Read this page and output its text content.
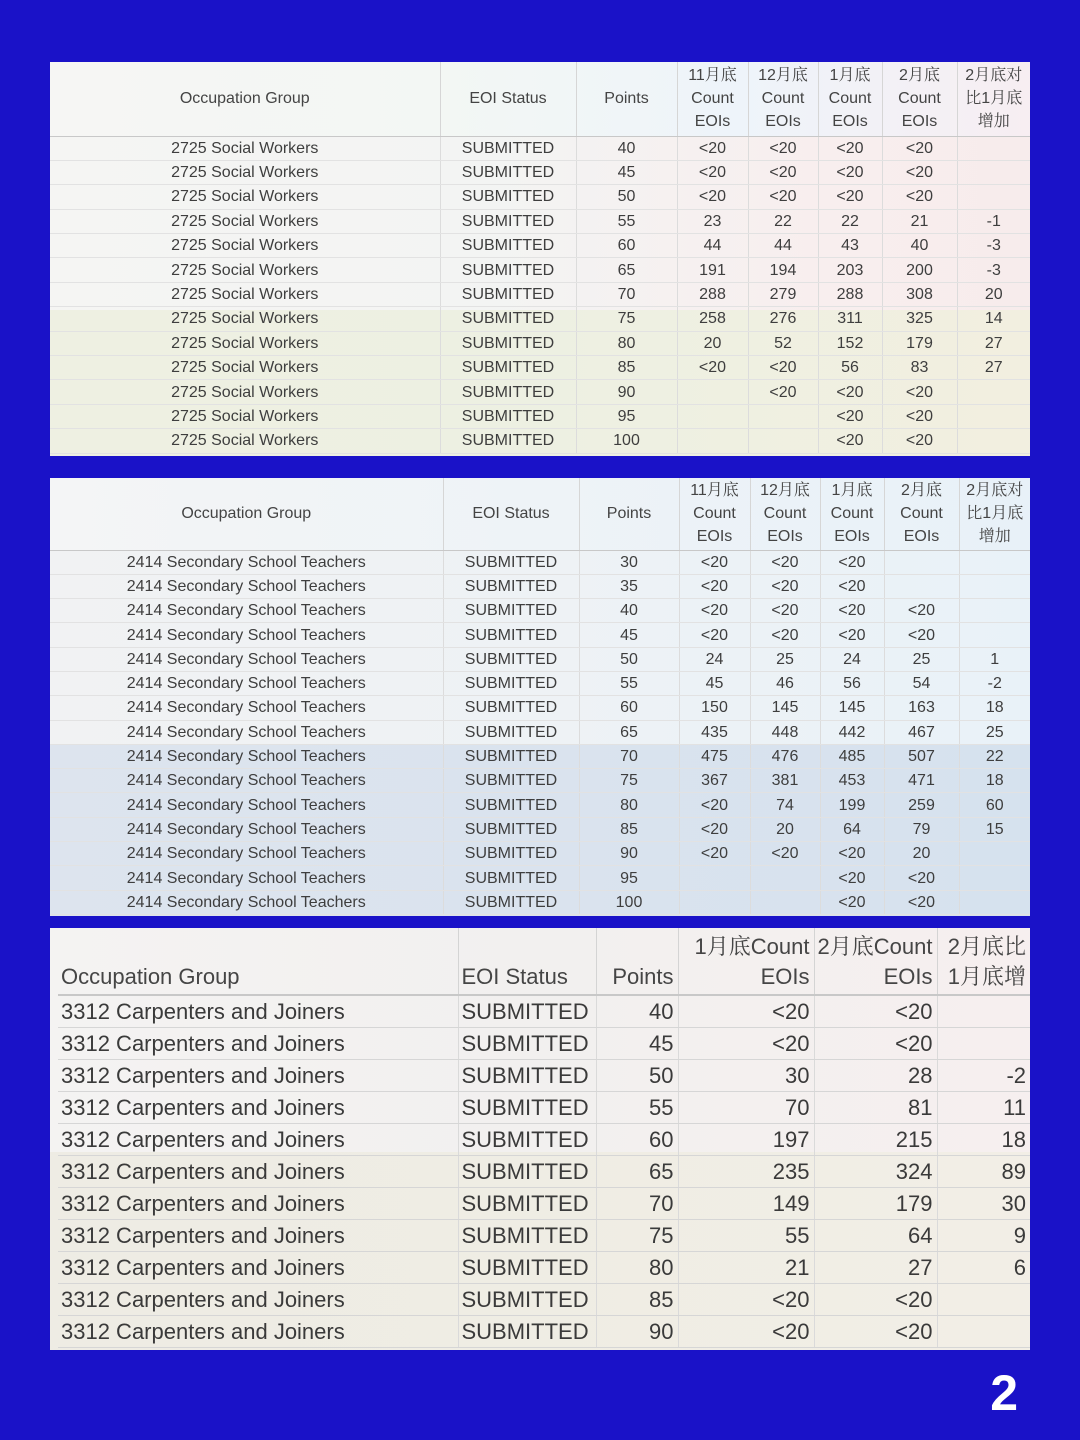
Occupation Group	EOI Status	Points	11月底
Count
EOIs	12月底
Count
EOIs	1月底
Count
EOIs	2月底
Count
EOIs	2月底对
比1月底
增加
2725 Social Workers	SUBMITTED	40	<20	<20	<20	<20	
2725 Social Workers	SUBMITTED	45	<20	<20	<20	<20	
2725 Social Workers	SUBMITTED	50	<20	<20	<20	<20	
2725 Social Workers	SUBMITTED	55	23	22	22	21	-1
2725 Social Workers	SUBMITTED	60	44	44	43	40	-3
2725 Social Workers	SUBMITTED	65	191	194	203	200	-3
2725 Social Workers	SUBMITTED	70	288	279	288	308	20
2725 Social Workers	SUBMITTED	75	258	276	311	325	14
2725 Social Workers	SUBMITTED	80	20	52	152	179	27
2725 Social Workers	SUBMITTED	85	<20	<20	56	83	27
2725 Social Workers	SUBMITTED	90		<20	<20	<20	
2725 Social Workers	SUBMITTED	95			<20	<20	
2725 Social Workers	SUBMITTED	100			<20	<20	
Occupation Group	EOI Status	Points	11月底
Count
EOIs	12月底
Count
EOIs	1月底
Count
EOIs	2月底
Count
EOIs	2月底对
比1月底
增加
2414 Secondary School Teachers	SUBMITTED	30	<20	<20	<20		
2414 Secondary School Teachers	SUBMITTED	35	<20	<20	<20		
2414 Secondary School Teachers	SUBMITTED	40	<20	<20	<20	<20	
2414 Secondary School Teachers	SUBMITTED	45	<20	<20	<20	<20	
2414 Secondary School Teachers	SUBMITTED	50	24	25	24	25	1
2414 Secondary School Teachers	SUBMITTED	55	45	46	56	54	-2
2414 Secondary School Teachers	SUBMITTED	60	150	145	145	163	18
2414 Secondary School Teachers	SUBMITTED	65	435	448	442	467	25
2414 Secondary School Teachers	SUBMITTED	70	475	476	485	507	22
2414 Secondary School Teachers	SUBMITTED	75	367	381	453	471	18
2414 Secondary School Teachers	SUBMITTED	80	<20	74	199	259	60
2414 Secondary School Teachers	SUBMITTED	85	<20	20	64	79	15
2414 Secondary School Teachers	SUBMITTED	90	<20	<20	<20	20	
2414 Secondary School Teachers	SUBMITTED	95			<20	<20	
2414 Secondary School Teachers	SUBMITTED	100			<20	<20	
Occupation Group	EOI Status	Points	1月底Count
EOIs	2月底Count
EOIs	2月底比
1月底增
3312 Carpenters and Joiners	SUBMITTED	40	<20	<20	
3312 Carpenters and Joiners	SUBMITTED	45	<20	<20	
3312 Carpenters and Joiners	SUBMITTED	50	30	28	-2
3312 Carpenters and Joiners	SUBMITTED	55	70	81	11
3312 Carpenters and Joiners	SUBMITTED	60	197	215	18
3312 Carpenters and Joiners	SUBMITTED	65	235	324	89
3312 Carpenters and Joiners	SUBMITTED	70	149	179	30
3312 Carpenters and Joiners	SUBMITTED	75	55	64	9
3312 Carpenters and Joiners	SUBMITTED	80	21	27	6
3312 Carpenters and Joiners	SUBMITTED	85	<20	<20	
3312 Carpenters and Joiners	SUBMITTED	90	<20	<20	
2
